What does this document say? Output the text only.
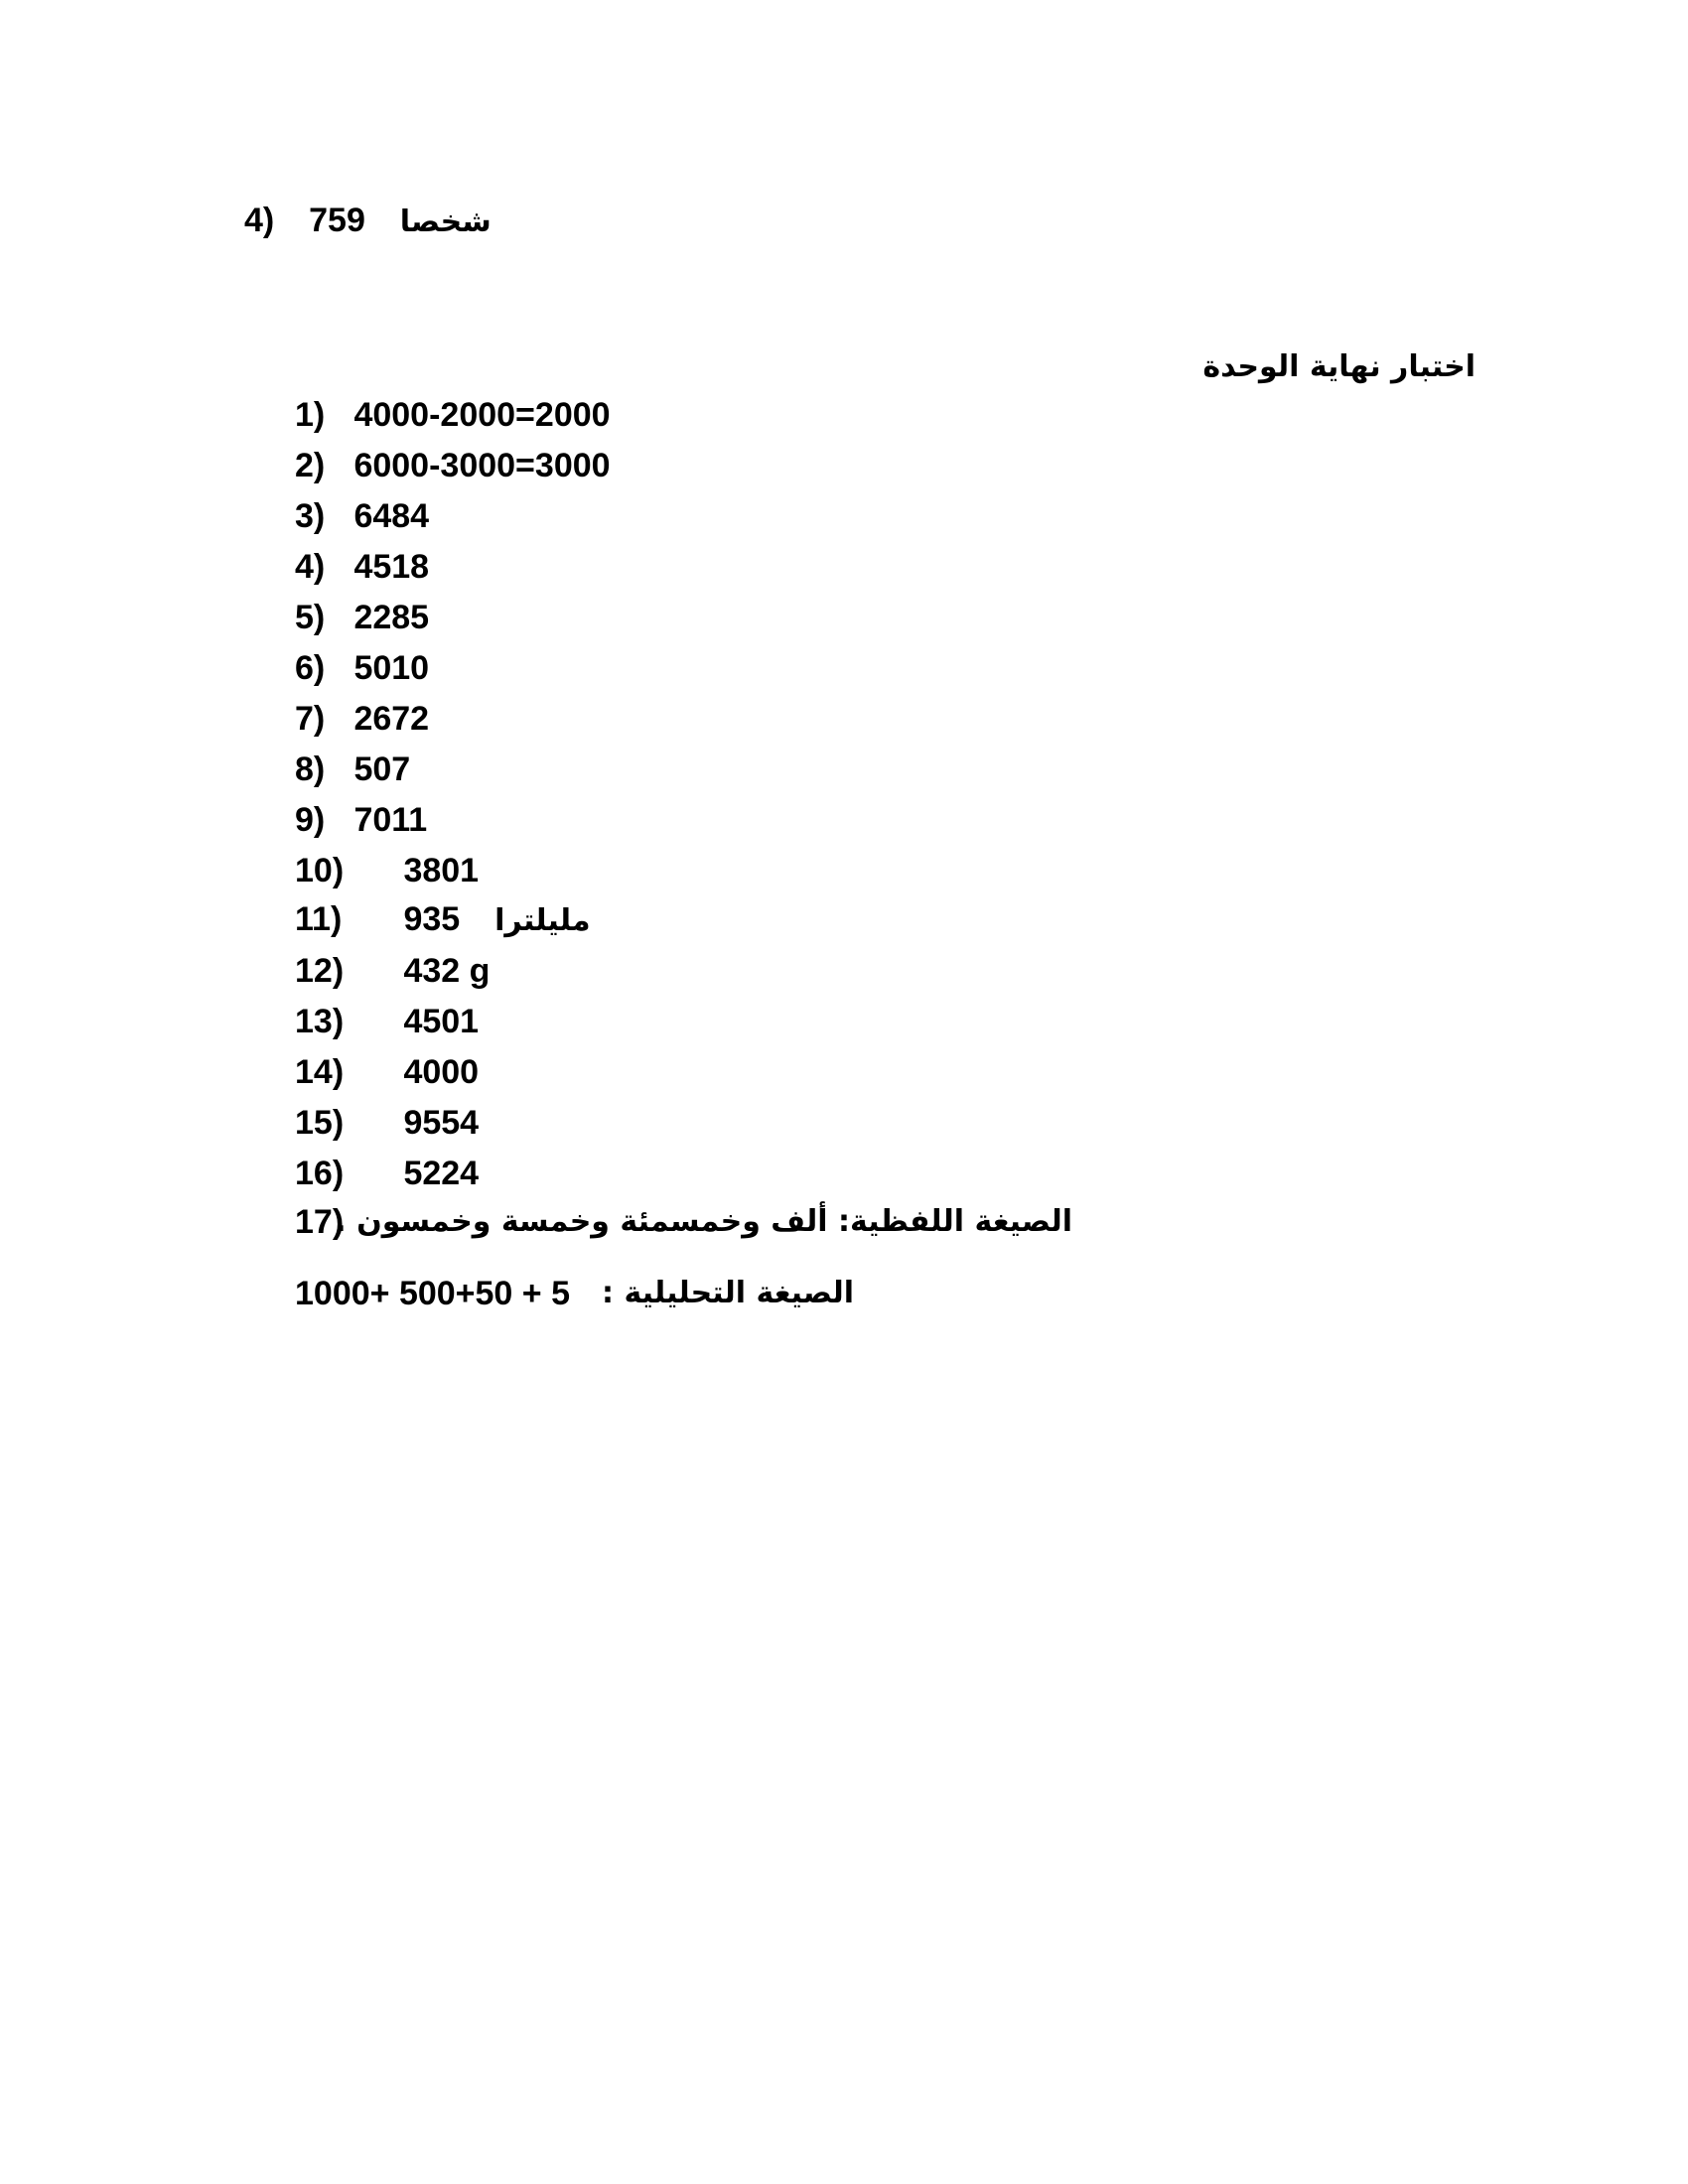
4) 759 شخصا
اختبار نهاية الوحدة
1) 4000-2000=2000
2) 6000-3000=3000
3) 6484
4) 4518
5) 2285
6) 5010
7) 2672
8) 507
9) 7011
10) 3801
11) 935 مليلترا
12) 432 g
13) 4501
14) 4000
15) 9554
16) 5224
17)
الصيغة اللفظية: ألف وخمسمئة وخمسة وخمسون .
1000+ 500+50 + 5 الصيغة التحليلية :
